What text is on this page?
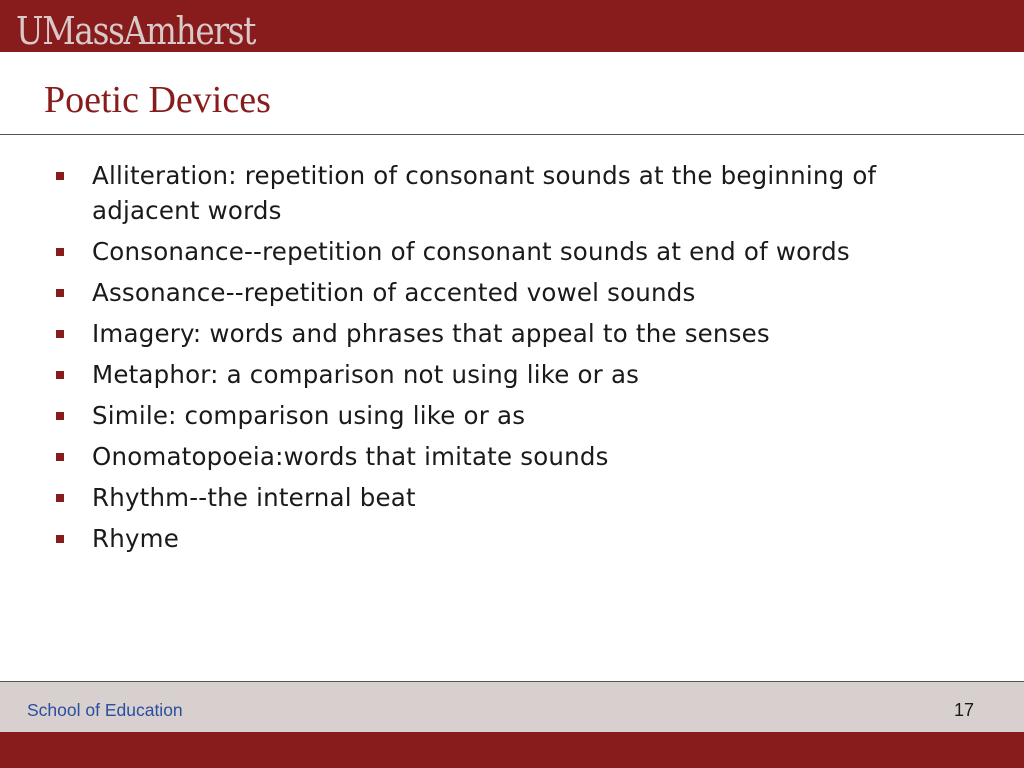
UMassAmherst
Poetic Devices
Alliteration: repetition of consonant sounds at the beginning of adjacent words
Consonance--repetition of consonant sounds at end of words
Assonance--repetition of accented vowel sounds
Imagery: words and phrases that appeal to the senses
Metaphor: a comparison not using like or as
Simile: comparison using like or as
Onomatopoeia:words that imitate sounds
Rhythm--the internal beat
Rhyme
School of Education	17
